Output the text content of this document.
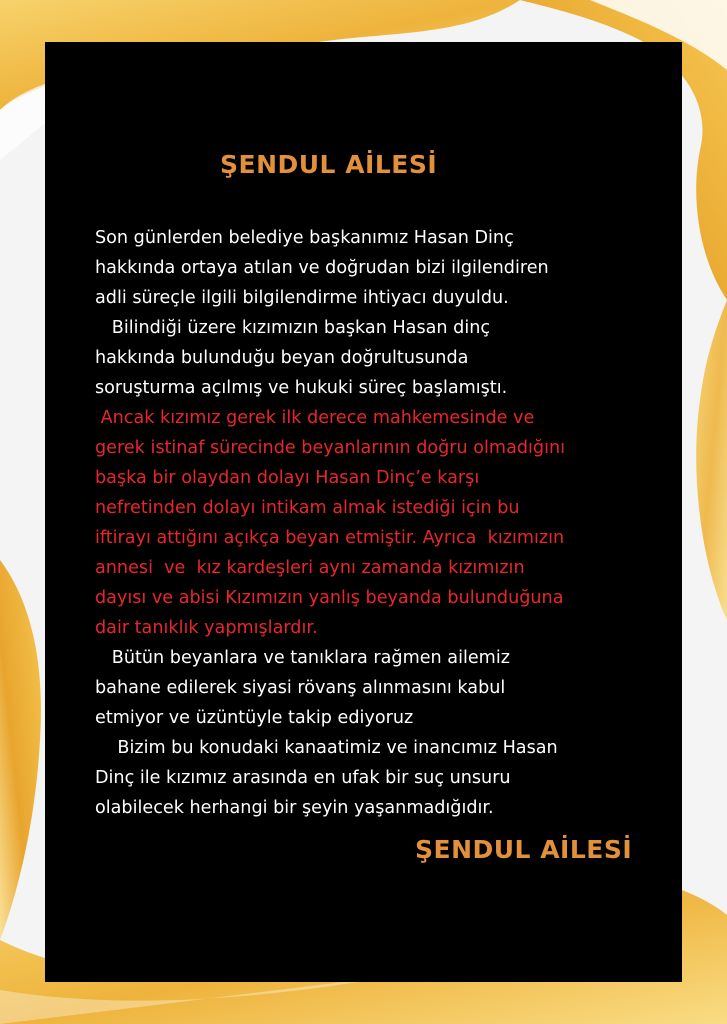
ŞENDUL AİLESİ
Son günlerden belediye başkanımız Hasan Dinç
hakkında ortaya atılan ve doğrudan bizi ilgilendiren
adli süreçle ilgili bilgilendirme ihtiyacı duyuldu.
Bilindiği üzere kızımızın başkan Hasan dinç
hakkında bulunduğu beyan doğrultusunda
soruşturma açılmış ve hukuki süreç başlamıştı.
Ancak kızımız gerek ilk derece mahkemesinde ve
gerek istinaf sürecinde beyanlarının doğru olmadığını
başka bir olaydan dolayı Hasan Dinç’e karşı
nefretinden dolayı intikam almak istediği için bu
iftirayı attığını açıkça beyan etmiştir. Ayrıca  kızımızın
annesi  ve  kız kardeşleri aynı zamanda kızımızın
dayısı ve abisi Kızımızın yanlış beyanda bulunduğuna
dair tanıklık yapmışlardır.
Bütün beyanlara ve tanıklara rağmen ailemiz
bahane edilerek siyasi rövanş alınmasını kabul
etmiyor ve üzüntüyle takip ediyoruz
Bizim bu konudaki kanaatimiz ve inancımız Hasan
Dinç ile kızımız arasında en ufak bir suç unsuru
olabilecek herhangi bir şeyin yaşanmadığıdır.
ŞENDUL AİLESİ
